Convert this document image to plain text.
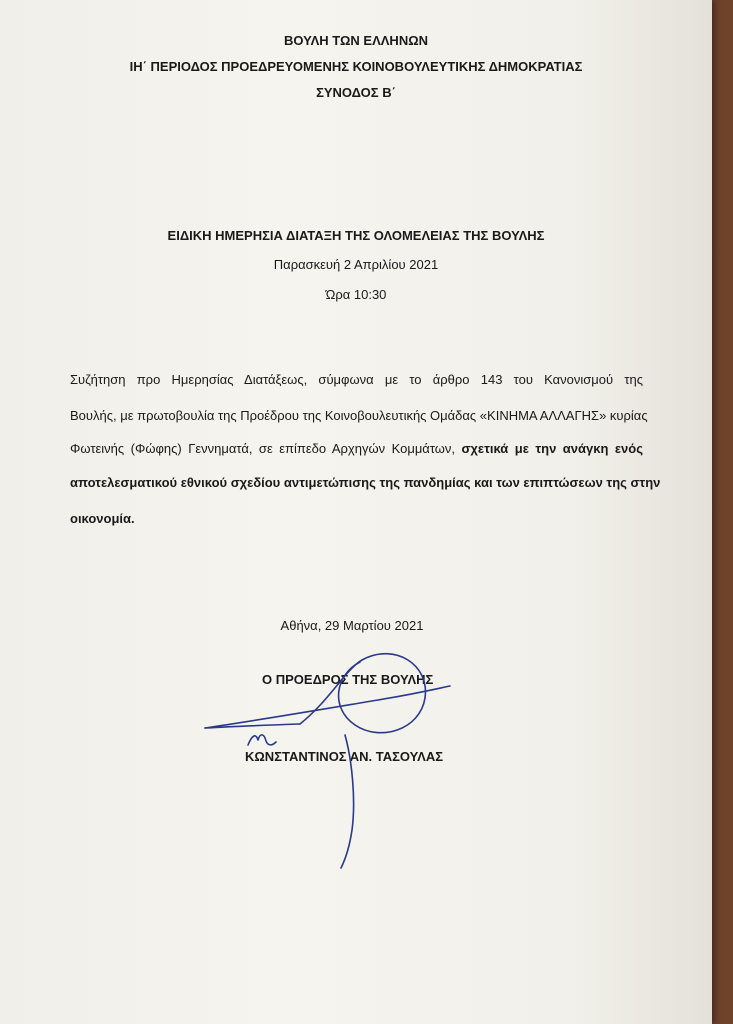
ΒΟΥΛΗ ΤΩΝ ΕΛΛΗΝΩΝ
ΙΗ΄ ΠΕΡΙΟΔΟΣ ΠΡΟΕΔΡΕΥΟΜΕΝΗΣ ΚΟΙΝΟΒΟΥΛΕΥΤΙΚΗΣ ΔΗΜΟΚΡΑΤΙΑΣ
ΣΥΝΟΔΟΣ Β΄
ΕΙΔΙΚΗ ΗΜΕΡΗΣΙΑ ΔΙΑΤΑΞΗ ΤΗΣ ΟΛΟΜΕΛΕΙΑΣ ΤΗΣ ΒΟΥΛΗΣ
Παρασκευή 2 Απριλίου 2021
Ώρα 10:30
Συζήτηση προ Ημερησίας Διατάξεως, σύμφωνα με το άρθρο 143 του Κανονισμού της
Βουλής, με πρωτοβουλία της Προέδρου της Κοινοβουλευτικής Ομάδας «ΚΙΝΗΜΑ ΑΛΛΑΓΗΣ» κυρίας
Φωτεινής (Φώφης) Γεννηματά, σε επίπεδο Αρχηγών Κομμάτων, σχετικά με την ανάγκη ενός
αποτελεσματικού εθνικού σχεδίου αντιμετώπισης της πανδημίας και των επιπτώσεων της στην
οικονομία.
Αθήνα, 29 Μαρτίου 2021
Ο ΠΡΟΕΔΡΟΣ ΤΗΣ ΒΟΥΛΗΣ
ΚΩΝΣΤΑΝΤΙΝΟΣ ΑΝ. ΤΑΣΟΥΛΑΣ
